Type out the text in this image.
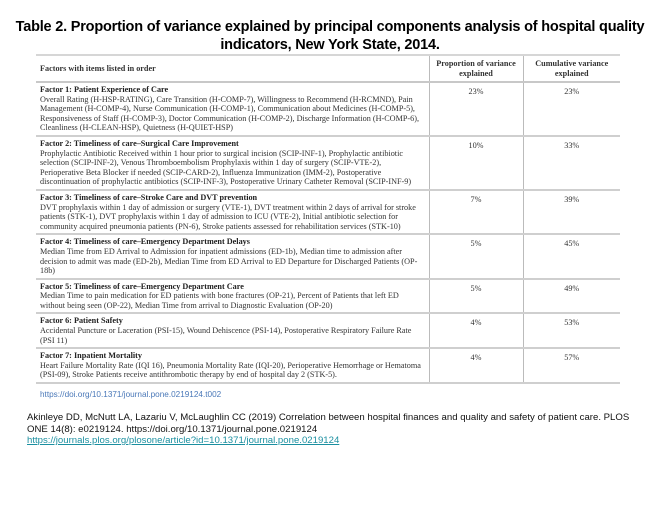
Table 2. Proportion of variance explained by principal components analysis of hospital quality indicators, New York State, 2014.
Factors with items listed in order	Proportion of variance explained	Cumulative variance explained

Factor 1: Patient Experience of Care
Overall Rating (H-HSP-RATING), Care Transition (H-COMP-7), Willingness to Recommend (H-RCMND), Pain Management (H-COMP-4), Nurse Communication (H-COMP-1), Communication about Medicines (H-COMP-5), Responsiveness of Staff (H-COMP-3), Doctor Communication (H-COMP-2), Discharge Information (H-COMP-6), Cleanliness (H-CLEAN-HSP), Quietness (H-QUIET-HSP)	23%	23%

Factor 2: Timeliness of care–Surgical Care Improvement
Prophylactic Antibiotic Received within 1 hour prior to surgical incision (SCIP-INF-1), Prophylactic antibiotic selection (SCIP-INF-2), Venous Thromboembolism Prophylaxis within 1 day of surgery (SCIP-VTE-2), Perioperative Beta Blocker if needed (SCIP-CARD-2), Influenza Immunization (IMM-2), Postoperative discontinuation of prophylactic antibiotics (SCIP-INF-3), Postoperative Urinary Catheter Removal (SCIP-INF-9)	10%	33%

Factor 3: Timeliness of care–Stroke Care and DVT prevention
DVT prophylaxis within 1 day of admission or surgery (VTE-1), DVT treatment within 2 days of arrival for stroke patients (STK-1), DVT prophylaxis within 1 day of admission to ICU (VTE-2), Initial antibiotic selection for community acquired pneumonia patients (PN-6), Stroke patients assessed for rehabilitation services (STK-10)	7%	39%

Factor 4: Timeliness of care–Emergency Department Delays
Median Time from ED Arrival to Admission for inpatient admissions (ED-1b), Median time to admission after decision to admit was made (ED-2b), Median Time from ED Arrival to ED Departure for Discharged Patients (OP-18b)	5%	45%

Factor 5: Timeliness of care–Emergency Department Care
Median Time to pain medication for ED patients with bone fractures (OP-21), Percent of Patients that left ED without being seen (OP-22), Median Time from arrival to Diagnostic Evaluation (OP-20)	5%	49%

Factor 6: Patient Safety
Accidental Puncture or Laceration (PSI-15), Wound Dehiscence (PSI-14), Postoperative Respiratory Failure Rate (PSI 11)	4%	53%

Factor 7: Inpatient Mortality
Heart Failure Mortality Rate (IQI 16), Pneumonia Mortality Rate (IQI-20), Perioperative Hemorrhage or Hematoma (PSI-09), Stroke Patients receive antithrombotic therapy by end of hospital day 2 (STK-5).	4%	57%
https://doi.org/10.1371/journal.pone.0219124.t002
Akinleye DD, McNutt LA, Lazariu V, McLaughlin CC (2019) Correlation between hospital finances and quality and safety of patient care. PLOS ONE 14(8): e0219124. https://doi.org/10.1371/journal.pone.0219124
https://journals.plos.org/plosone/article?id=10.1371/journal.pone.0219124
